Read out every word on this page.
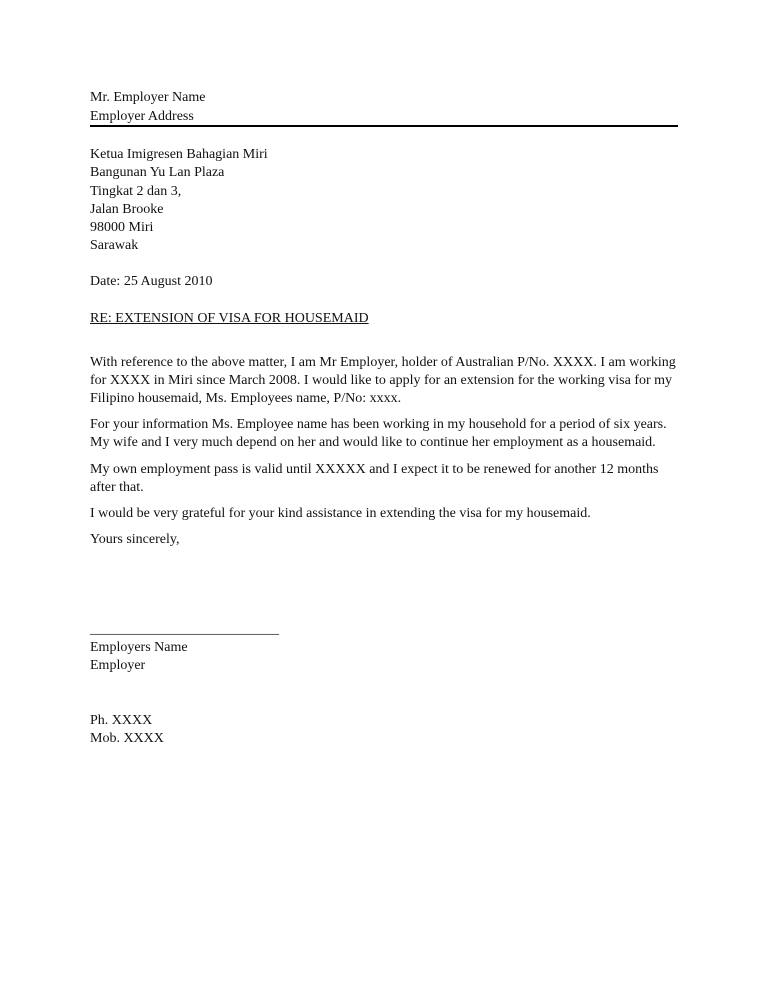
Mr. Employer Name
Employer Address
Ketua Imigresen Bahagian Miri
Bangunan Yu Lan Plaza
Tingkat 2 dan 3,
Jalan Brooke
98000 Miri
Sarawak
Date: 25 August 2010
RE: EXTENSION OF VISA FOR HOUSEMAID
With reference to the above matter, I am Mr Employer, holder of Australian P/No. XXXX. I am working
for XXXX in Miri since March 2008. I would like to apply for an extension for the working visa for my
Filipino housemaid, Ms. Employees name, P/No: xxxx.
For your information Ms. Employee name has been working in my household for a period of six years.
My wife and I very much depend on her and would like to continue her employment as a housemaid.
My own employment pass is valid until XXXXX and I expect it to be renewed for another 12 months
after that.
I would be very grateful for your kind assistance in extending the visa for my housemaid.
Yours sincerely,
___________________________
Employers Name
Employer
Ph. XXXX
Mob. XXXX
